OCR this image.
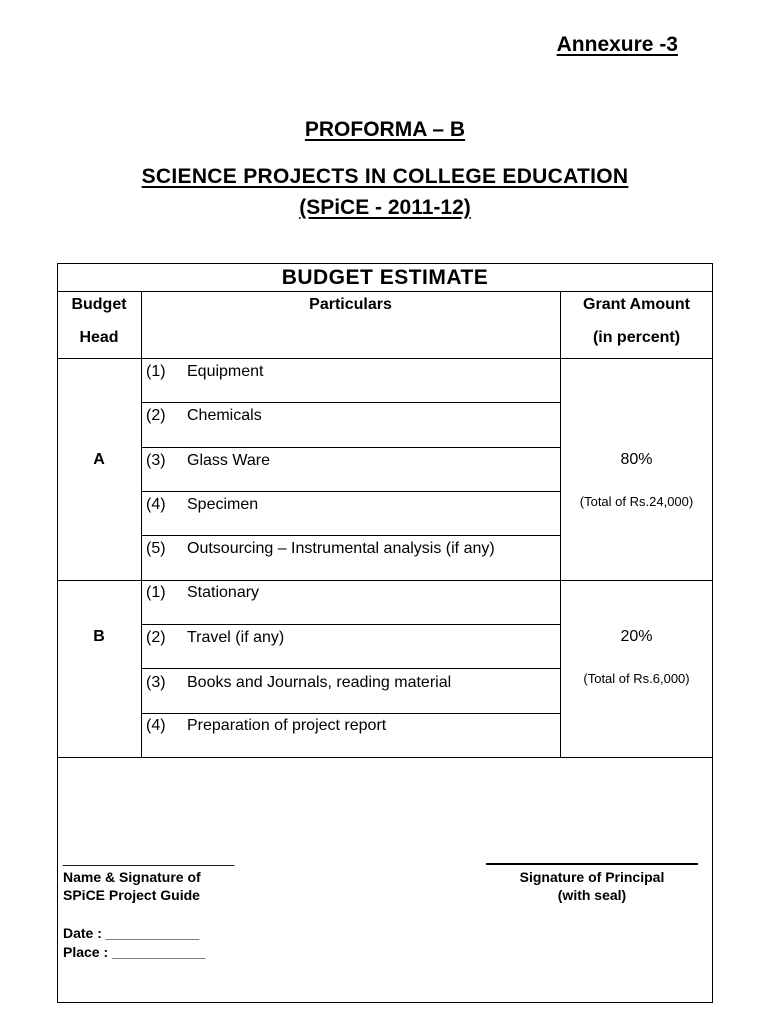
Annexure -3
PROFORMA – B
SCIENCE PROJECTS IN COLLEGE EDUCATION
(SPiCE - 2011-12)
BUDGET ESTIMATE
Budget
Head
Particulars	Grant Amount
(in percent)
A
(1) Equipment
(2) Chemicals
(3) Glass Ware
(4) Specimen
(5) Outsourcing – Instrumental analysis (if any)
80%
(Total of Rs.24,000)
B
(1) Stationary
(2) Travel (if any)
(3) Books and Journals, reading material
(4) Preparation of project report
20%
(Total of Rs.6,000)
______________________
Name & Signature of
SPiCE Project Guide
Date : ____________
Place : ____________
Signature of Principal
(with seal)
